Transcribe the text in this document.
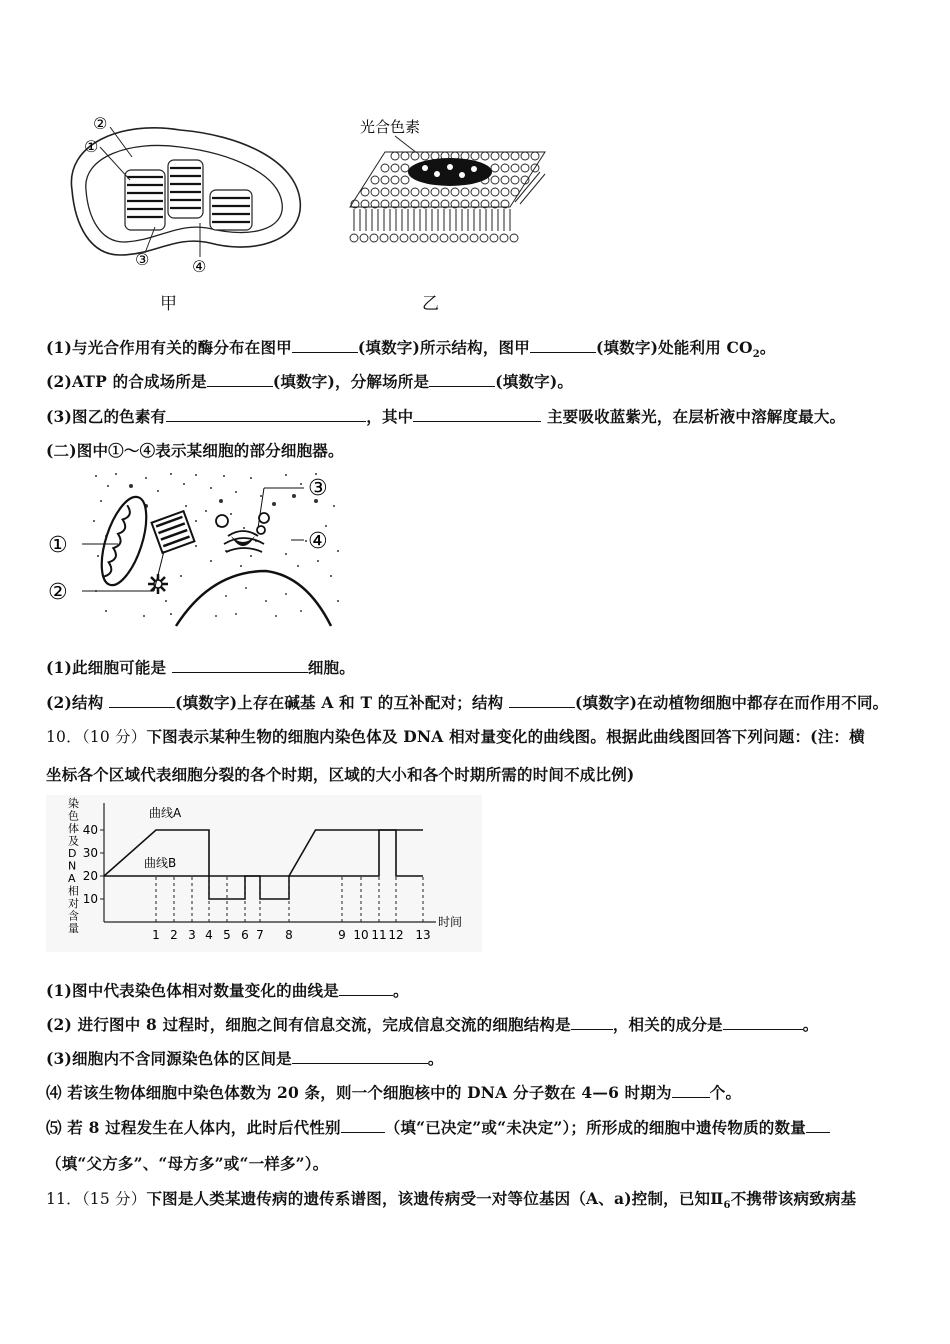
①
②
③	④
甲
光合色素
乙
(1)与光合作用有关的酶分布在图甲	(填数字)所示结构，图甲	(填数字)处能利用 $CO_2$。
(2)ATP 的合成场所是	(填数字)，分解场所是	(填数字)。
(3)图乙的色素有	，其中	主要吸收蓝紫光，在层析液中溶解度最大。
(二)图中①～④表示某细胞的部分细胞器。
①
②
③
④
(1)此细胞可能是	细胞。
(2)结构	(填数字)上存在碱基 A 和 T 的互补配对；结构	(填数字)在动植物细胞中都存在而作用不同。
10．（10 分）下图表示某种生物的细胞内染色体及 DNA 相对量变化的曲线图。根据此曲线图回答下列问题：(注：横
坐标各个区域代表细胞分裂的各个时期，区域的大小和各个时期所需的时间不成比例)
染色体及 D N A 相对含量
10
20
30
40
时间
曲线A
曲线B
1 2 3 4 5 6 7 8	9 10 11 12 13
(1)图中代表染色体相对数量变化的曲线是	。
(2) 进行图中 8 过程时，细胞之间有信息交流，完成信息交流的细胞结构是	，相关的成分是	。
(3)细胞内不含同源染色体的区间是	。
⑷ 若该生物体细胞中染色体数为 20 条，则一个细胞核中的 DNA 分子数在 4—6 时期为 个。
⑸ 若 8 过程发生在人体内，此时后代性别	（填“已决定”或“未决定”）；所形成的细胞中遗传物质的数量
（填“父方多”、“母方多”或“一样多”）。
11．（15 分）下图是人类某遗传病的遗传系谱图，该遗传病受一对等位基因（A、a)控制，已知$Ⅱ_6$不携带该病致病基
